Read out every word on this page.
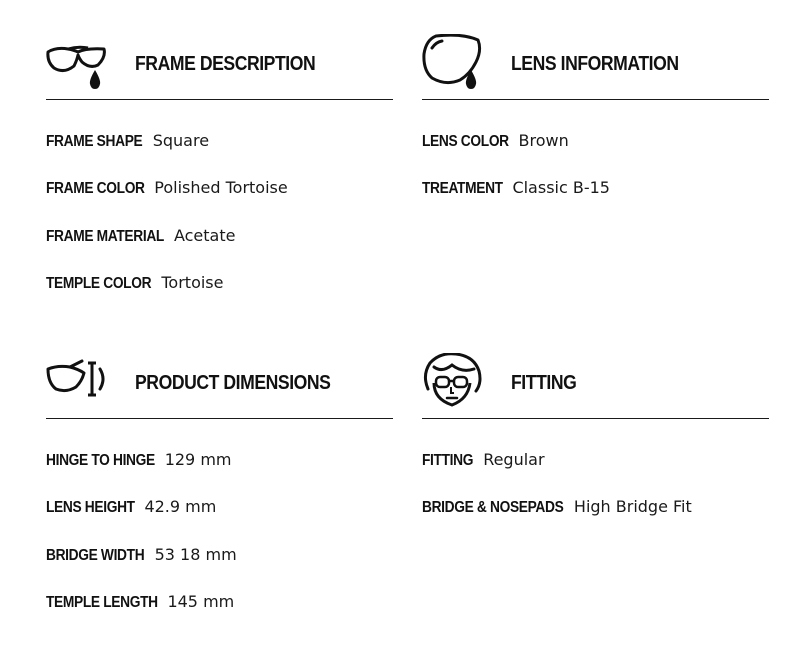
FRAME DESCRIPTION
FRAME SHAPE Square
FRAME COLOR Polished Tortoise
FRAME MATERIAL Acetate
TEMPLE COLOR Tortoise
LENS INFORMATION
LENS COLOR Brown
TREATMENT Classic B-15
PRODUCT DIMENSIONS
HINGE TO HINGE 129 mm
LENS HEIGHT 42.9 mm
BRIDGE WIDTH 53 18 mm
TEMPLE LENGTH 145 mm
FITTING
FITTING Regular
BRIDGE & NOSEPADS High Bridge Fit
